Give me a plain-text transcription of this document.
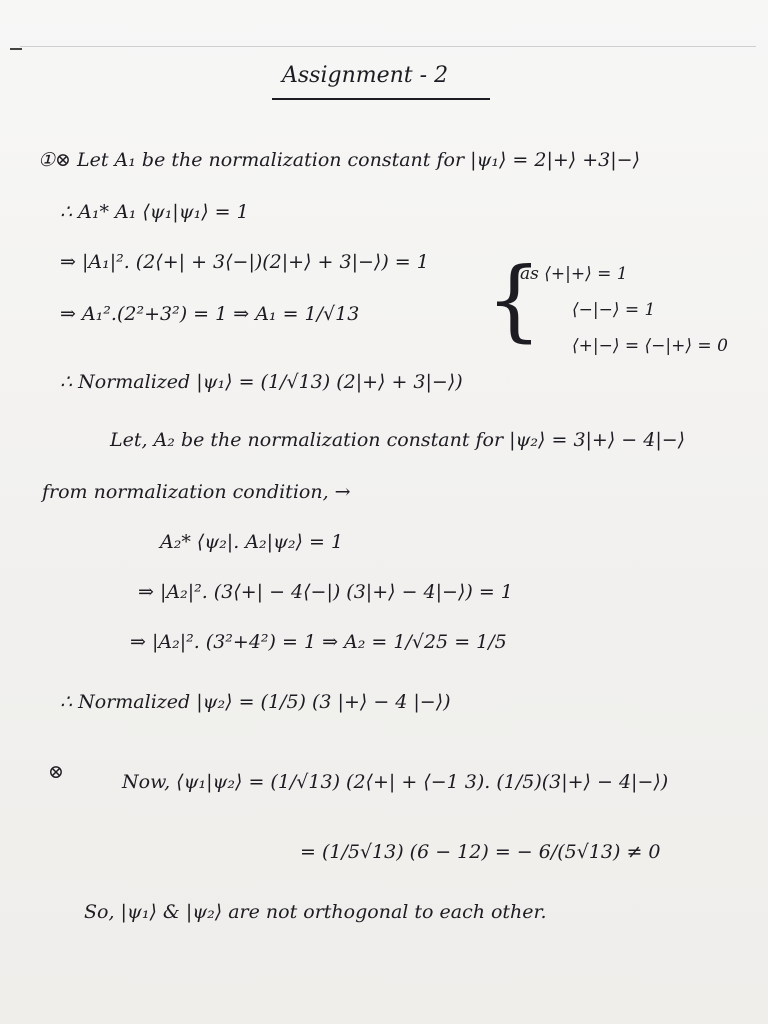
Assignment - 2
①⊗ Let A₁ be the normalization constant for |ψ₁⟩ = 2|+⟩ +3|−⟩
∴ A₁* A₁ ⟨ψ₁|ψ₁⟩ = 1
⇒ |A₁|². (2⟨+| + 3⟨−|)(2|+⟩ + 3|−⟩) = 1
⇒ A₁².(2²+3²) = 1 ⇒ A₁ = 1/√13 {
as ⟨+|+⟩ = 1
⟨−|−⟩ = 1
⟨+|−⟩ = ⟨−|+⟩ = 0
∴ Normalized |ψ₁⟩ = (1/√13) (2|+⟩ + 3|−⟩)
Let, A₂ be the normalization constant for |ψ₂⟩ = 3|+⟩ − 4|−⟩
from normalization condition, →
A₂* ⟨ψ₂|. A₂|ψ₂⟩ = 1
⇒ |A₂|². (3⟨+| − 4⟨−|) (3|+⟩ − 4|−⟩) = 1
⇒ |A₂|². (3²+4²) = 1 ⇒ A₂ = 1/√25 = 1/5
∴ Normalized |ψ₂⟩ = (1/5) (3 |+⟩ − 4 |−⟩)
⊗	Now, ⟨ψ₁|ψ₂⟩ = (1/√13) (2⟨+| + ⟨−1 3). (1/5)(3|+⟩ − 4|−⟩)
= (1/5√13) (6 − 12) = − 6/(5√13) ≠ 0
So, |ψ₁⟩ & |ψ₂⟩ are not orthogonal to each other.
